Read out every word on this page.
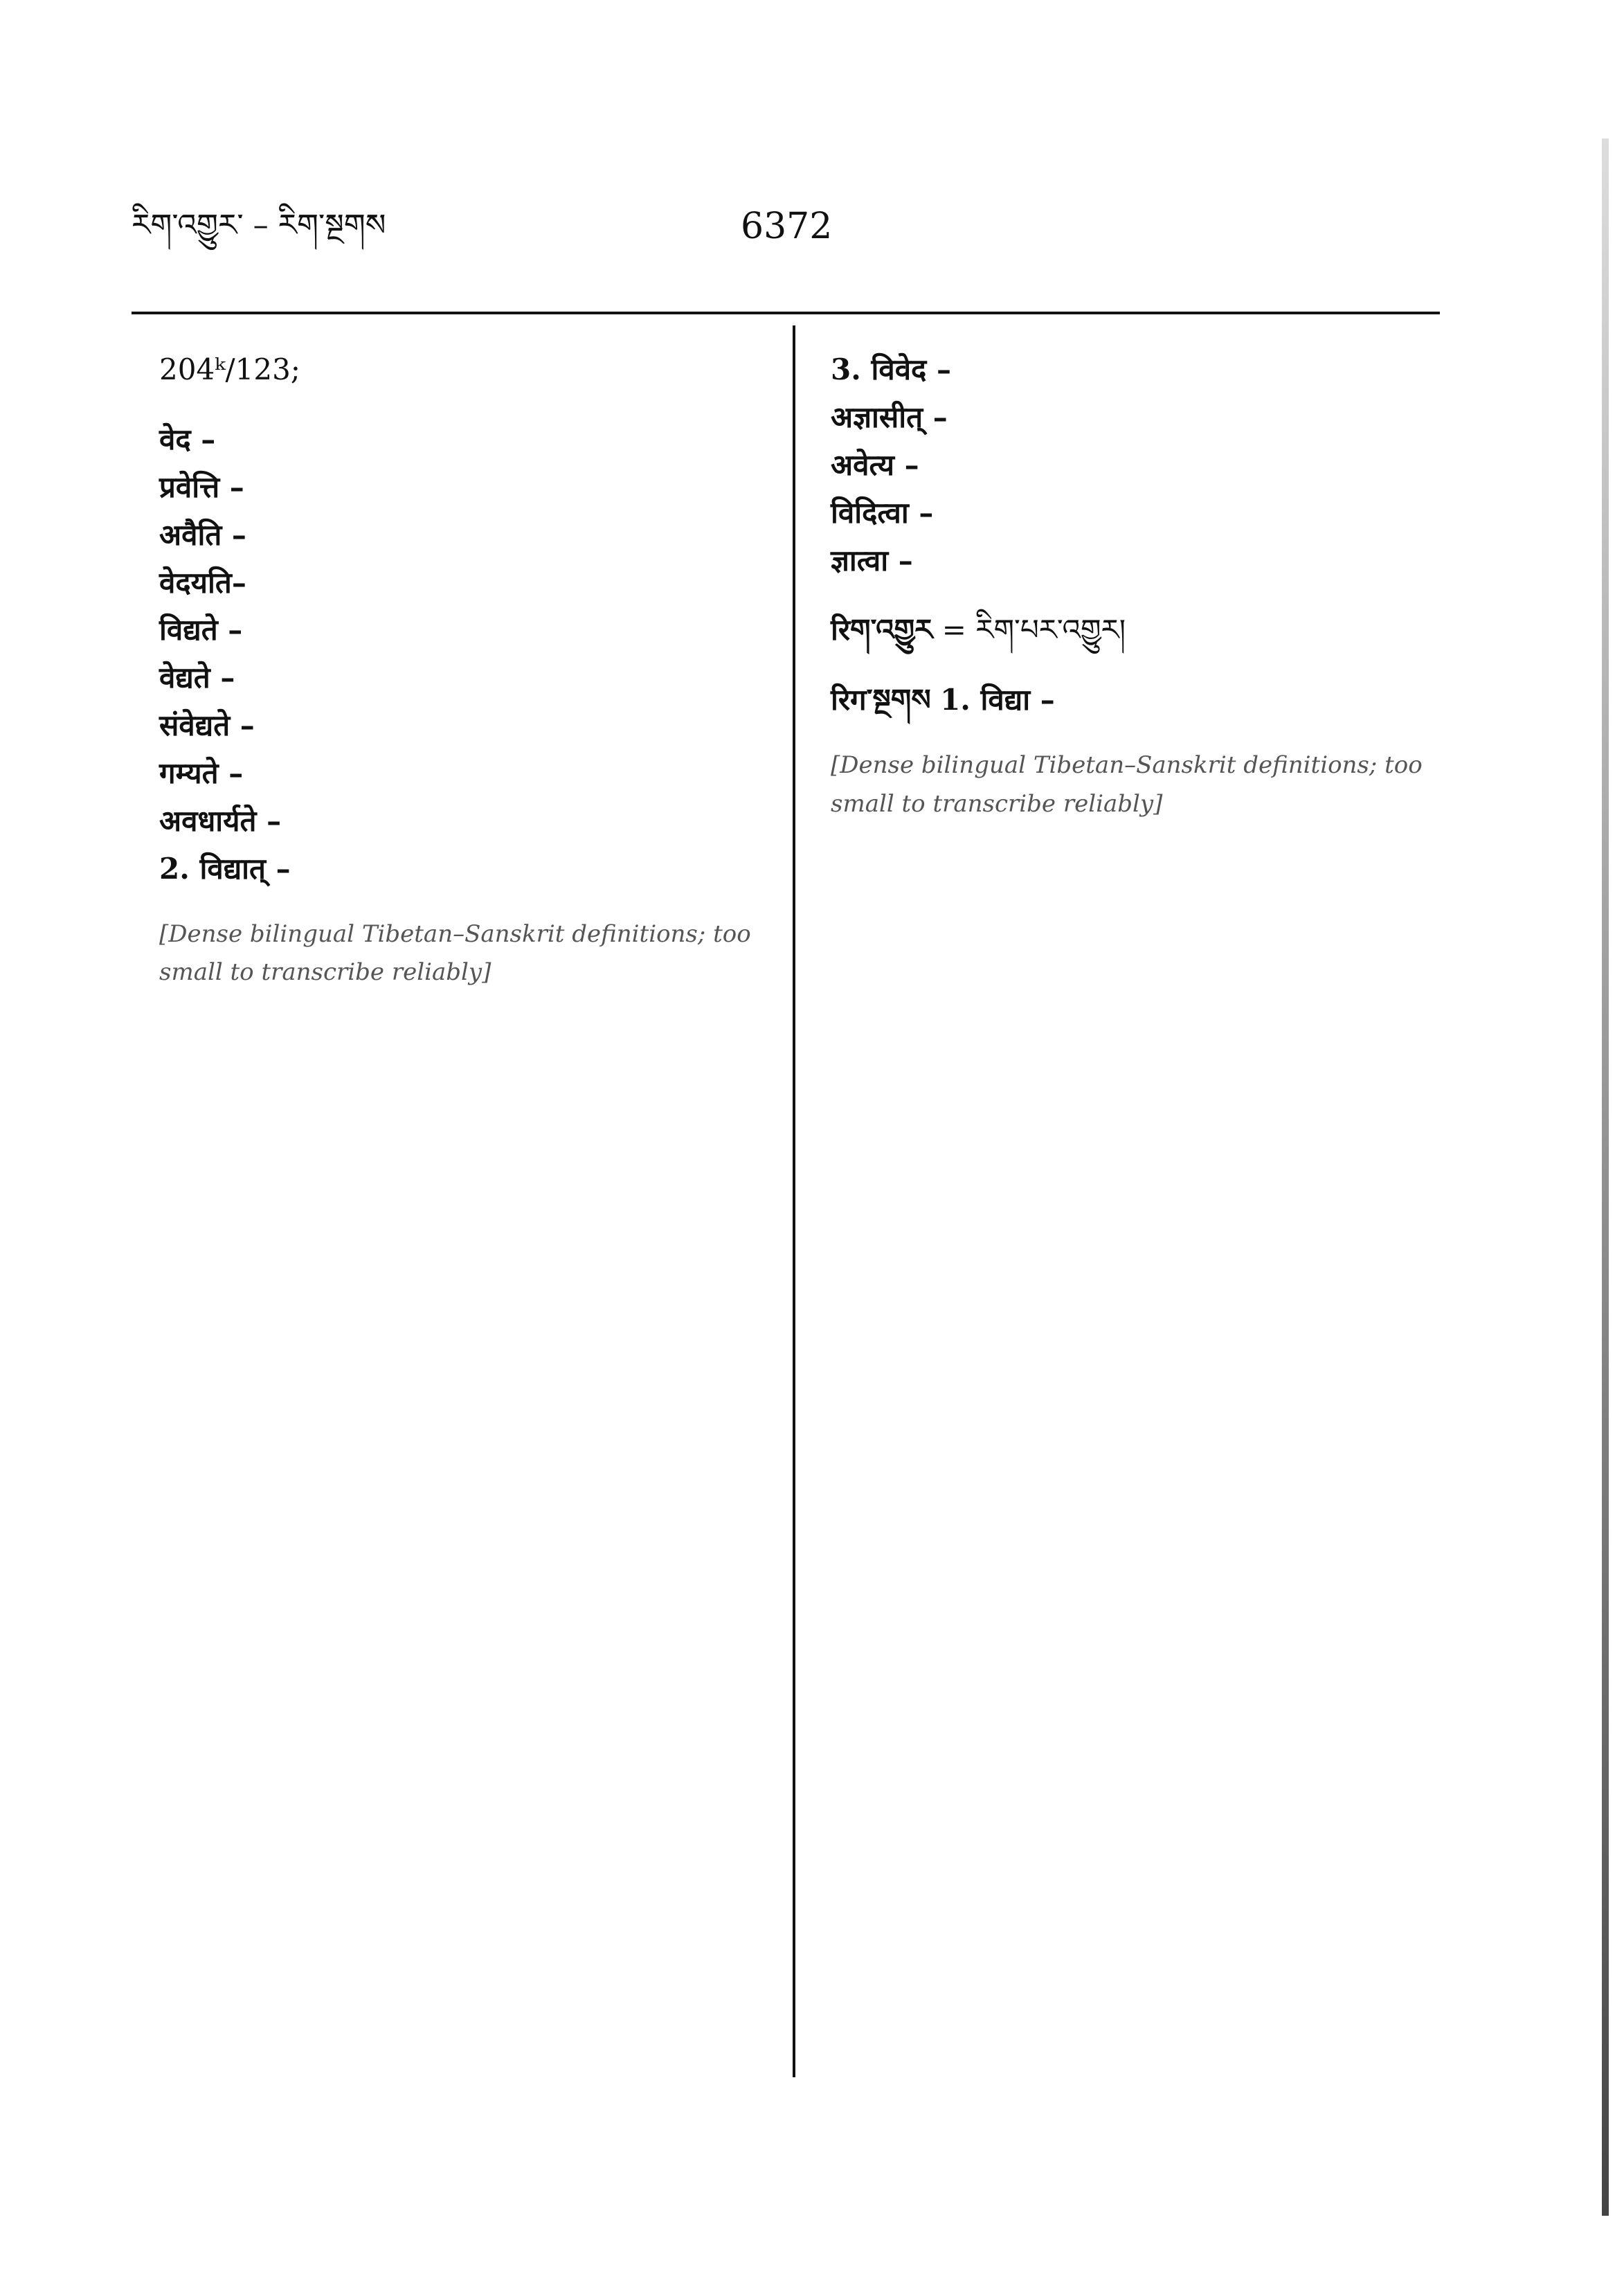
རིག་འགྱུར་ – རིག་སྔགས	6372
204ᵏ/123;
वेद –
प्रवेत्ति –
अवैति –
वेदयति–
विद्यते –
वेद्यते –
संवेद्यते –
गम्यते –
अवधार्यते –
2. विद्यात् –
[Dense bilingual Tibetan–Sanskrit definitions; too small to transcribe reliably]
3. विवेद –
अज्ञासीत् –
अवेत्य –
विदित्वा –
ज्ञात्वा –
रिག་འགྱུར = རིག་པར་འགྱུར།
रिग་སྔགས 1. विद्या –
[Dense bilingual Tibetan–Sanskrit definitions; too small to transcribe reliably]
